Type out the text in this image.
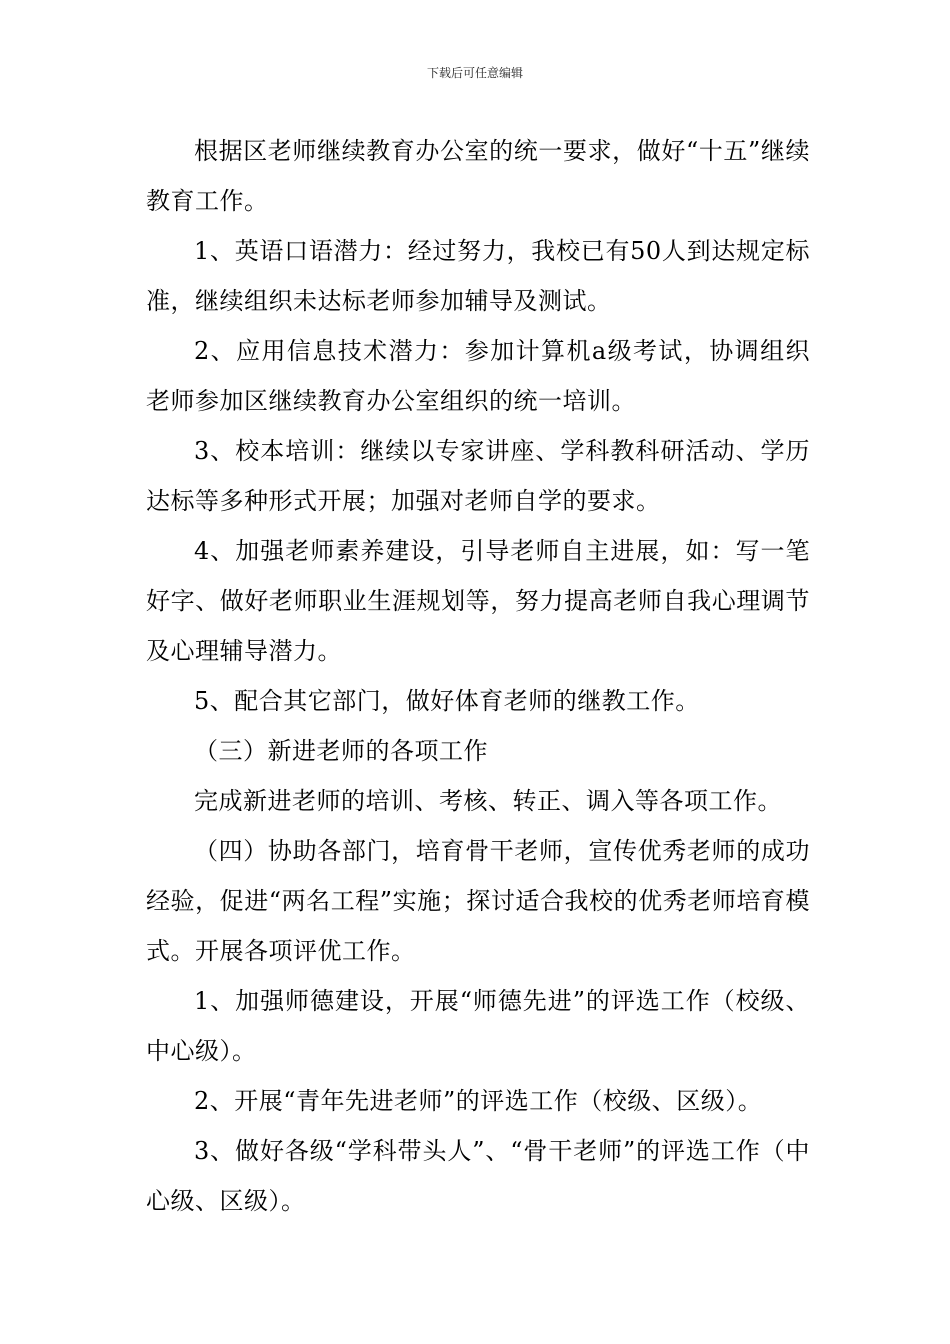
下载后可任意编辑

根据区老师继续教育办公室的统一要求，做好“十五”继续教育工作。

1、英语口语潜力：经过努力，我校已有50人到达规定标准，继续组织未达标老师参加辅导及测试。

2、应用信息技术潜力：参加计算机a级考试，协调组织老师参加区继续教育办公室组织的统一培训。

3、校本培训：继续以专家讲座、学科教科研活动、学历达标等多种形式开展；加强对老师自学的要求。

4、加强老师素养建设，引导老师自主进展，如：写一笔好字、做好老师职业生涯规划等，努力提高老师自我心理调节及心理辅导潜力。

5、配合其它部门，做好体育老师的继教工作。

（三）新进老师的各项工作

完成新进老师的培训、考核、转正、调入等各项工作。

（四）协助各部门，培育骨干老师，宣传优秀老师的成功经验，促进“两名工程”实施；探讨适合我校的优秀老师培育模式。开展各项评优工作。

1、加强师德建设，开展“师德先进”的评选工作（校级、中心级）。

2、开展“青年先进老师”的评选工作（校级、区级）。

3、做好各级“学科带头人”、“骨干老师”的评选工作（中心级、区级）。
